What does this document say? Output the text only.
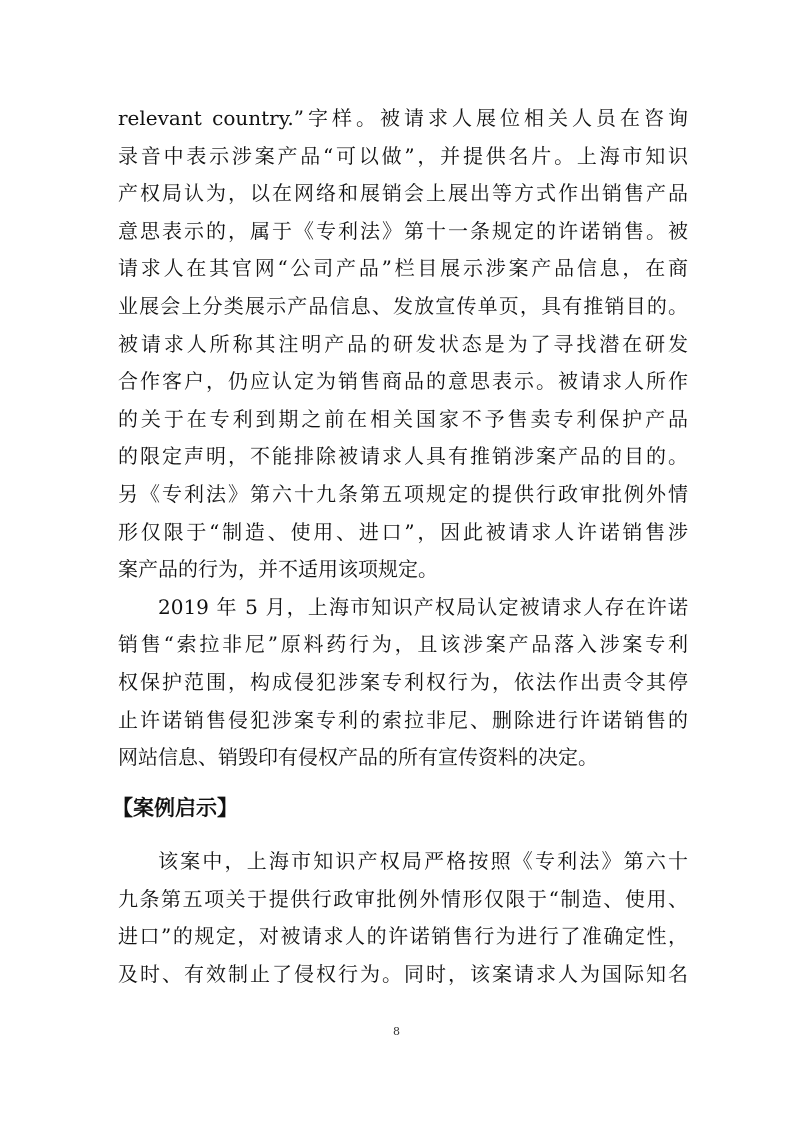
relevant country.”字样。被请求人展位相关人员在咨询
录音中表示涉案产品“可以做”，并提供名片。上海市知识
产权局认为，以在网络和展销会上展出等方式作出销售产品
意思表示的，属于《专利法》第十一条规定的许诺销售。被
请求人在其官网“公司产品”栏目展示涉案产品信息，在商
业展会上分类展示产品信息、发放宣传单页，具有推销目的。
被请求人所称其注明产品的研发状态是为了寻找潜在研发
合作客户，仍应认定为销售商品的意思表示。被请求人所作
的关于在专利到期之前在相关国家不予售卖专利保护产品
的限定声明，不能排除被请求人具有推销涉案产品的目的。
另《专利法》第六十九条第五项规定的提供行政审批例外情
形仅限于“制造、使用、进口”，因此被请求人许诺销售涉
案产品的行为，并不适用该项规定。
2019 年 5 月，上海市知识产权局认定被请求人存在许诺
销售“索拉非尼”原料药行为，且该涉案产品落入涉案专利
权保护范围，构成侵犯涉案专利权行为，依法作出责令其停
止许诺销售侵犯涉案专利的索拉非尼、删除进行许诺销售的
网站信息、销毁印有侵权产品的所有宣传资料的决定。
【案例启示】
该案中，上海市知识产权局严格按照《专利法》第六十
九条第五项关于提供行政审批例外情形仅限于“制造、使用、
进口”的规定，对被请求人的许诺销售行为进行了准确定性，
及时、有效制止了侵权行为。同时，该案请求人为国际知名
8
